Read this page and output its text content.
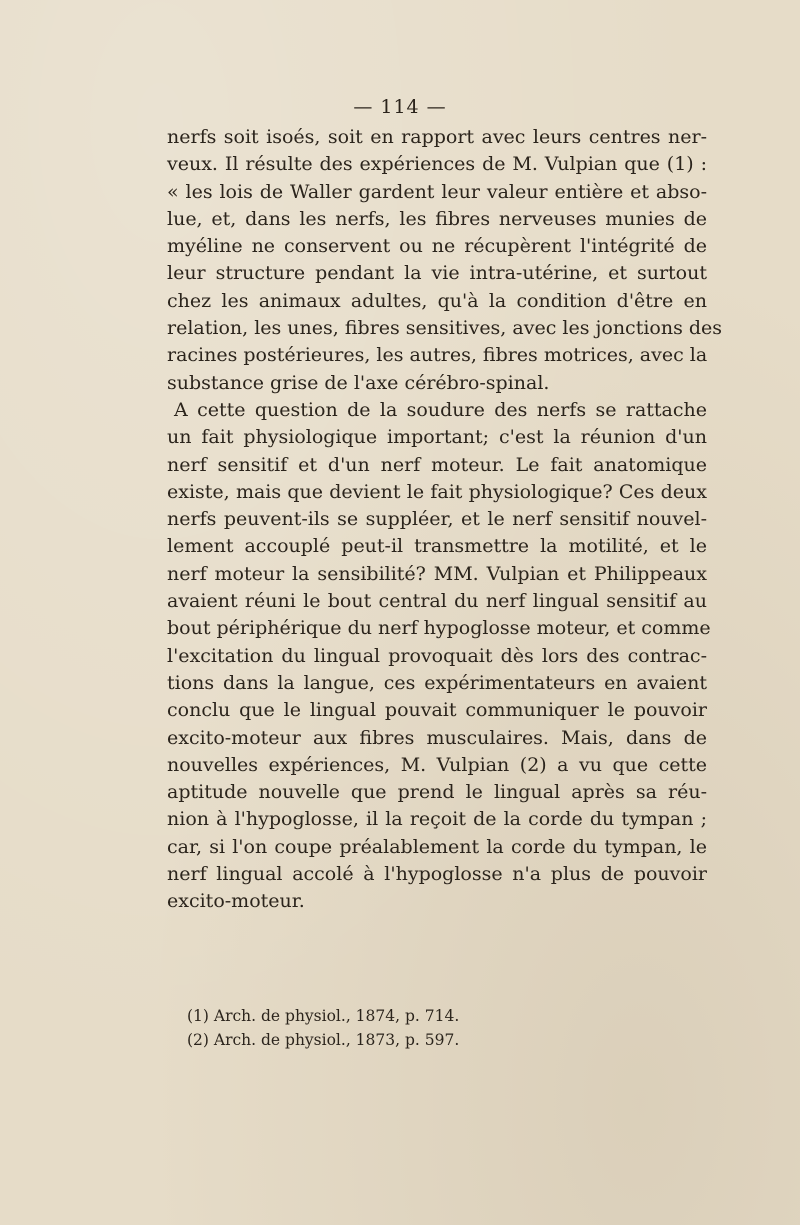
— 114 —
nerfs soit isoés, soit en rapport avec leurs centres ner-
veux. Il résulte des expériences de M. Vulpian que (1) :
« les lois de Waller gardent leur valeur entière et abso-
lue, et, dans les nerfs, les fibres nerveuses munies de
myéline ne conservent ou ne récupèrent l'intégrité de
leur structure pendant la vie intra-utérine, et surtout
chez les animaux adultes, qu'à la condition d'être en
relation, les unes, fibres sensitives, avec les jonctions des
racines postérieures, les autres, fibres motrices, avec la
substance grise de l'axe cérébro-spinal.
A cette question de la soudure des nerfs se rattache
un fait physiologique important; c'est la réunion d'un
nerf sensitif et d'un nerf moteur. Le fait anatomique
existe, mais que devient le fait physiologique? Ces deux
nerfs peuvent-ils se suppléer, et le nerf sensitif nouvel-
lement accouplé peut-il transmettre la motilité, et le
nerf moteur la sensibilité? MM. Vulpian et Philippeaux
avaient réuni le bout central du nerf lingual sensitif au
bout périphérique du nerf hypoglosse moteur, et comme
l'excitation du lingual provoquait dès lors des contrac-
tions dans la langue, ces expérimentateurs en avaient
conclu que le lingual pouvait communiquer le pouvoir
excito-moteur aux fibres musculaires. Mais, dans de
nouvelles expériences, M. Vulpian (2) a vu que cette
aptitude nouvelle que prend le lingual après sa réu-
nion à l'hypoglosse, il la reçoit de la corde du tympan ;
car, si l'on coupe préalablement la corde du tympan, le
nerf lingual accolé à l'hypoglosse n'a plus de pouvoir
excito-moteur.
(1) Arch. de physiol., 1874, p. 714.
(2) Arch. de physiol., 1873, p. 597.
